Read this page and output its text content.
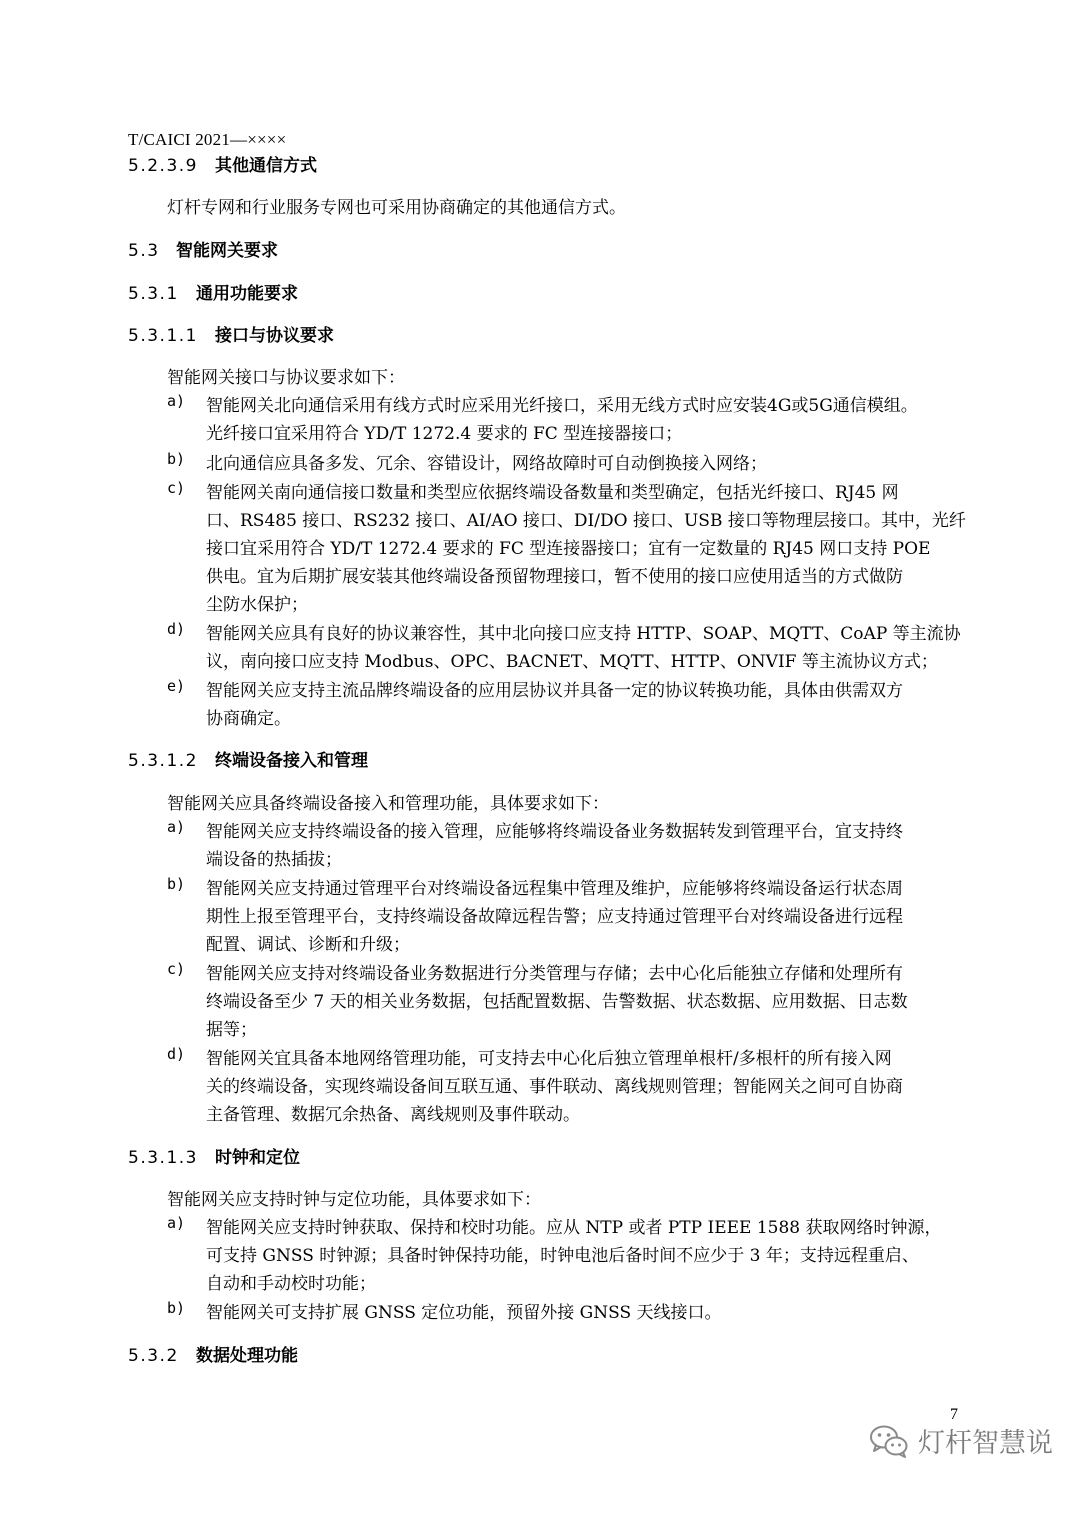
T/CAICI 2021—××××
5.2.3.9 其他通信方式
灯杆专网和行业服务专网也可采用协商确定的其他通信方式。
5.3 智能网关要求
5.3.1 通用功能要求
5.3.1.1 接口与协议要求
智能网关接口与协议要求如下：
a) 智能网关北向通信采用有线方式时应采用光纤接口，采用无线方式时应安装4G或5G通信模组。
光纤接口宜采用符合 YD/T 1272.4 要求的 FC 型连接器接口；
b) 北向通信应具备多发、冗余、容错设计，网络故障时可自动倒换接入网络；
c) 智能网关南向通信接口数量和类型应依据终端设备数量和类型确定，包括光纤接口、RJ45 网
口、RS485 接口、RS232 接口、AI/AO 接口、DI/DO 接口、USB 接口等物理层接口。其中，光纤
接口宜采用符合 YD/T 1272.4 要求的 FC 型连接器接口；宜有一定数量的 RJ45 网口支持 POE
供电。宜为后期扩展安装其他终端设备预留物理接口，暂不使用的接口应使用适当的方式做防
尘防水保护；
d) 智能网关应具有良好的协议兼容性，其中北向接口应支持 HTTP、SOAP、MQTT、CoAP 等主流协
议，南向接口应支持 Modbus、OPC、BACNET、MQTT、HTTP、ONVIF 等主流协议方式；
e) 智能网关应支持主流品牌终端设备的应用层协议并具备一定的协议转换功能，具体由供需双方
协商确定。
5.3.1.2 终端设备接入和管理
智能网关应具备终端设备接入和管理功能，具体要求如下：
a) 智能网关应支持终端设备的接入管理，应能够将终端设备业务数据转发到管理平台，宜支持终
端设备的热插拔；
b) 智能网关应支持通过管理平台对终端设备远程集中管理及维护，应能够将终端设备运行状态周
期性上报至管理平台，支持终端设备故障远程告警；应支持通过管理平台对终端设备进行远程
配置、调试、诊断和升级；
c) 智能网关应支持对终端设备业务数据进行分类管理与存储；去中心化后能独立存储和处理所有
终端设备至少 7 天的相关业务数据，包括配置数据、告警数据、状态数据、应用数据、日志数
据等；
d) 智能网关宜具备本地网络管理功能，可支持去中心化后独立管理单根杆/多根杆的所有接入网
关的终端设备，实现终端设备间互联互通、事件联动、离线规则管理；智能网关之间可自协商
主备管理、数据冗余热备、离线规则及事件联动。
5.3.1.3 时钟和定位
智能网关应支持时钟与定位功能，具体要求如下：
a) 智能网关应支持时钟获取、保持和校时功能。应从 NTP 或者 PTP IEEE 1588 获取网络时钟源，
可支持 GNSS 时钟源；具备时钟保持功能，时钟电池后备时间不应少于 3 年；支持远程重启、
自动和手动校时功能；
b) 智能网关可支持扩展 GNSS 定位功能，预留外接 GNSS 天线接口。
5.3.2 数据处理功能
7
灯杆智慧说
